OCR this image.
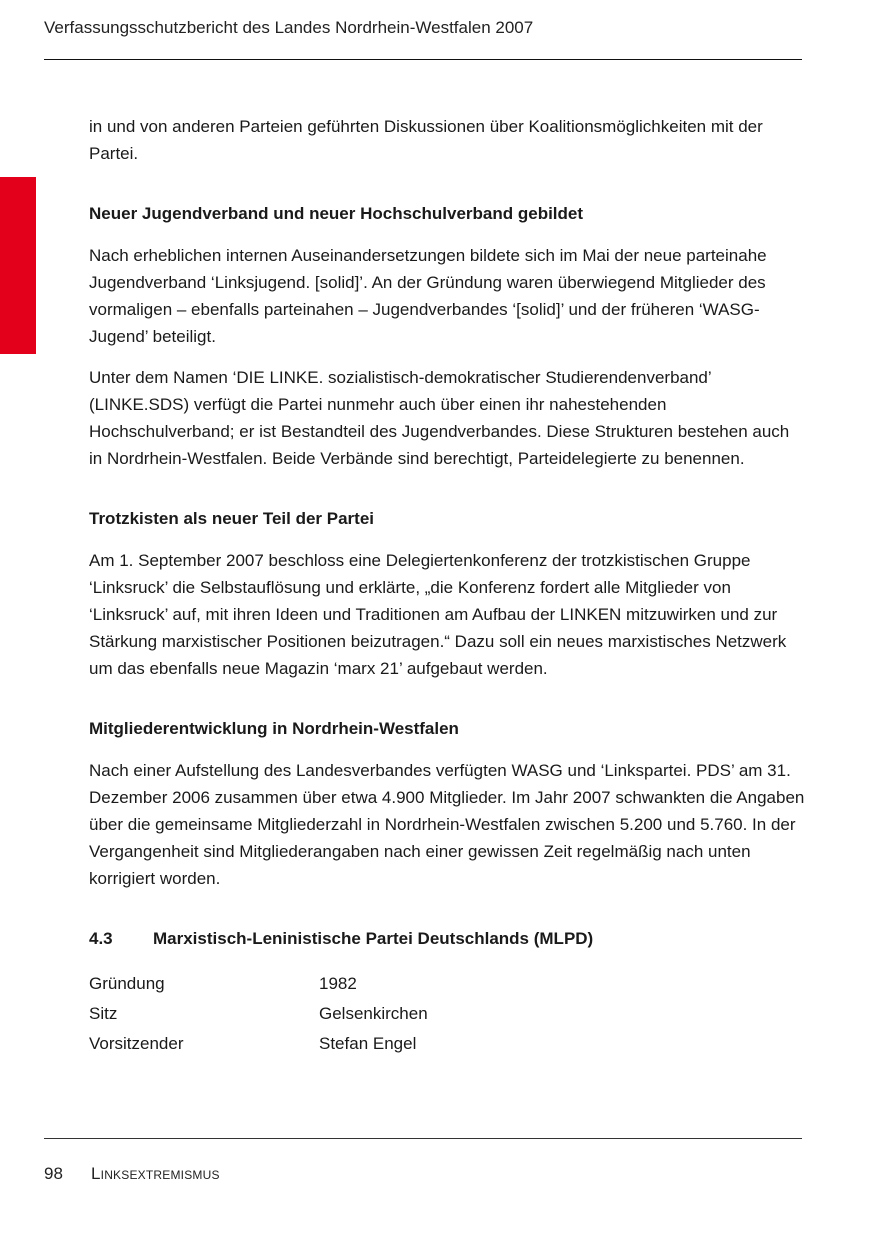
Verfassungsschutzbericht des Landes Nordrhein-Westfalen 2007

in und von anderen Parteien geführten Diskussionen über Koalitionsmöglichkeiten mit der Partei.

Neuer Jugendverband und neuer Hochschulverband gebildet

Nach erheblichen internen Auseinandersetzungen bildete sich im Mai der neue parteinahe Jugendverband ‘Linksjugend. [solid]’. An der Gründung waren überwiegend Mitglieder des vormaligen – ebenfalls parteinahen – Jugendverbandes ‘[solid]’ und der früheren ‘WASG-Jugend’ beteiligt.

Unter dem Namen ‘DIE LINKE. sozialistisch-demokratischer Studierendenverband’ (LINKE.SDS) verfügt die Partei nunmehr auch über einen ihr nahestehenden Hochschulverband; er ist Bestandteil des Jugendverbandes. Diese Strukturen bestehen auch in Nordrhein-Westfalen. Beide Verbände sind berechtigt, Parteidelegierte zu benennen.

Trotzkisten als neuer Teil der Partei

Am 1. September 2007 beschloss eine Delegiertenkonferenz der trotzkistischen Gruppe ‘Linksruck’ die Selbstauflösung und erklärte, „die Konferenz fordert alle Mitglieder von ‘Linksruck’ auf, mit ihren Ideen und Traditionen am Aufbau der LINKEN mitzuwirken und zur Stärkung marxistischer Positionen beizutragen.“ Dazu soll ein neues marxistisches Netzwerk um das ebenfalls neue Magazin ‘marx 21’ aufgebaut werden.

Mitgliederentwicklung in Nordrhein-Westfalen

Nach einer Aufstellung des Landesverbandes verfügten WASG und ‘Linkspartei. PDS’ am 31. Dezember 2006 zusammen über etwa 4.900 Mitglieder. Im Jahr 2007 schwankten die Angaben über die gemeinsame Mitgliederzahl in Nordrhein-Westfalen zwischen 5.200 und 5.760. In der Vergangenheit sind Mitgliederangaben nach einer gewissen Zeit regelmäßig nach unten korrigiert worden.

4.3	Marxistisch-Leninistische Partei Deutschlands (MLPD)
Gründung	1982
Sitz	Gelsenkirchen
Vorsitzender	Stefan Engel
98	Linksextremismus
